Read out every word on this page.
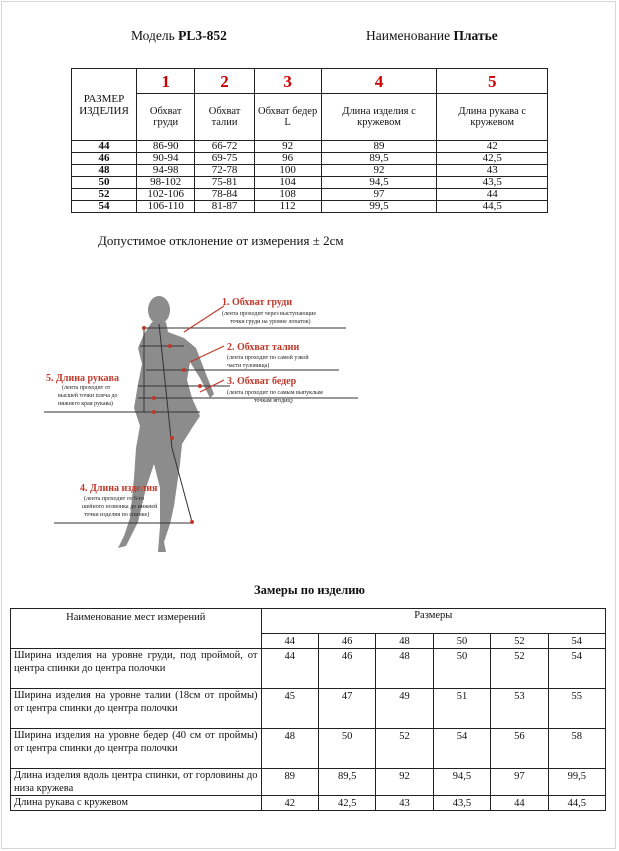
Модель PL3-852	Наименование Платье
РАЗМЕР ИЗДЕЛИЯ	1	2	3	4	5
	Обхват груди	Обхват талии	Обхват бедер L	Длина изделия с кружевом	Длина рукава с кружевом
44	86-90	66-72	92	89	42
46	90-94	69-75	96	89,5	42,5
48	94-98	72-78	100	92	43
50	98-102	75-81	104	94,5	43,5
52	102-106	78-84	108	97	44
54	106-110	81-87	112	99,5	44,5
Допустимое отклонение от измерения ± 2см
1. Обхват груди
(лента проходит через выступающие
точки груди на уровне лопаток)
2. Обхват талии
(лента проходит по самой узкой
части туловища)
3. Обхват бедер
(лента проходит по самым выпуклым
точкам ягодиц)
5. Длина рукава
(лента проходит от
высшей точки плеча до
нижнего края рукава)
4. Длина изделия
(лента проходит от 6-го
шейного позвонка до нижней
точки изделия по спинке)
Замеры по изделию
Наименование мест измерений	Размеры					
	44	46	48	50	52	54
Ширина изделия на уровне груди, под проймой, от центра спинки до центра полочки	44	46	48	50	52	54
Ширина изделия на уровне талии (18см от проймы) от центра спинки до центра полочки	45	47	49	51	53	55
Ширина изделия на уровне бедер (40 см от проймы) от центра спинки до центра полочки	48	50	52	54	56	58
Длина изделия вдоль центра спинки, от горловины до низа кружева	89	89,5	92	94,5	97	99,5
Длина рукава с кружевом	42	42,5	43	43,5	44	44,5
